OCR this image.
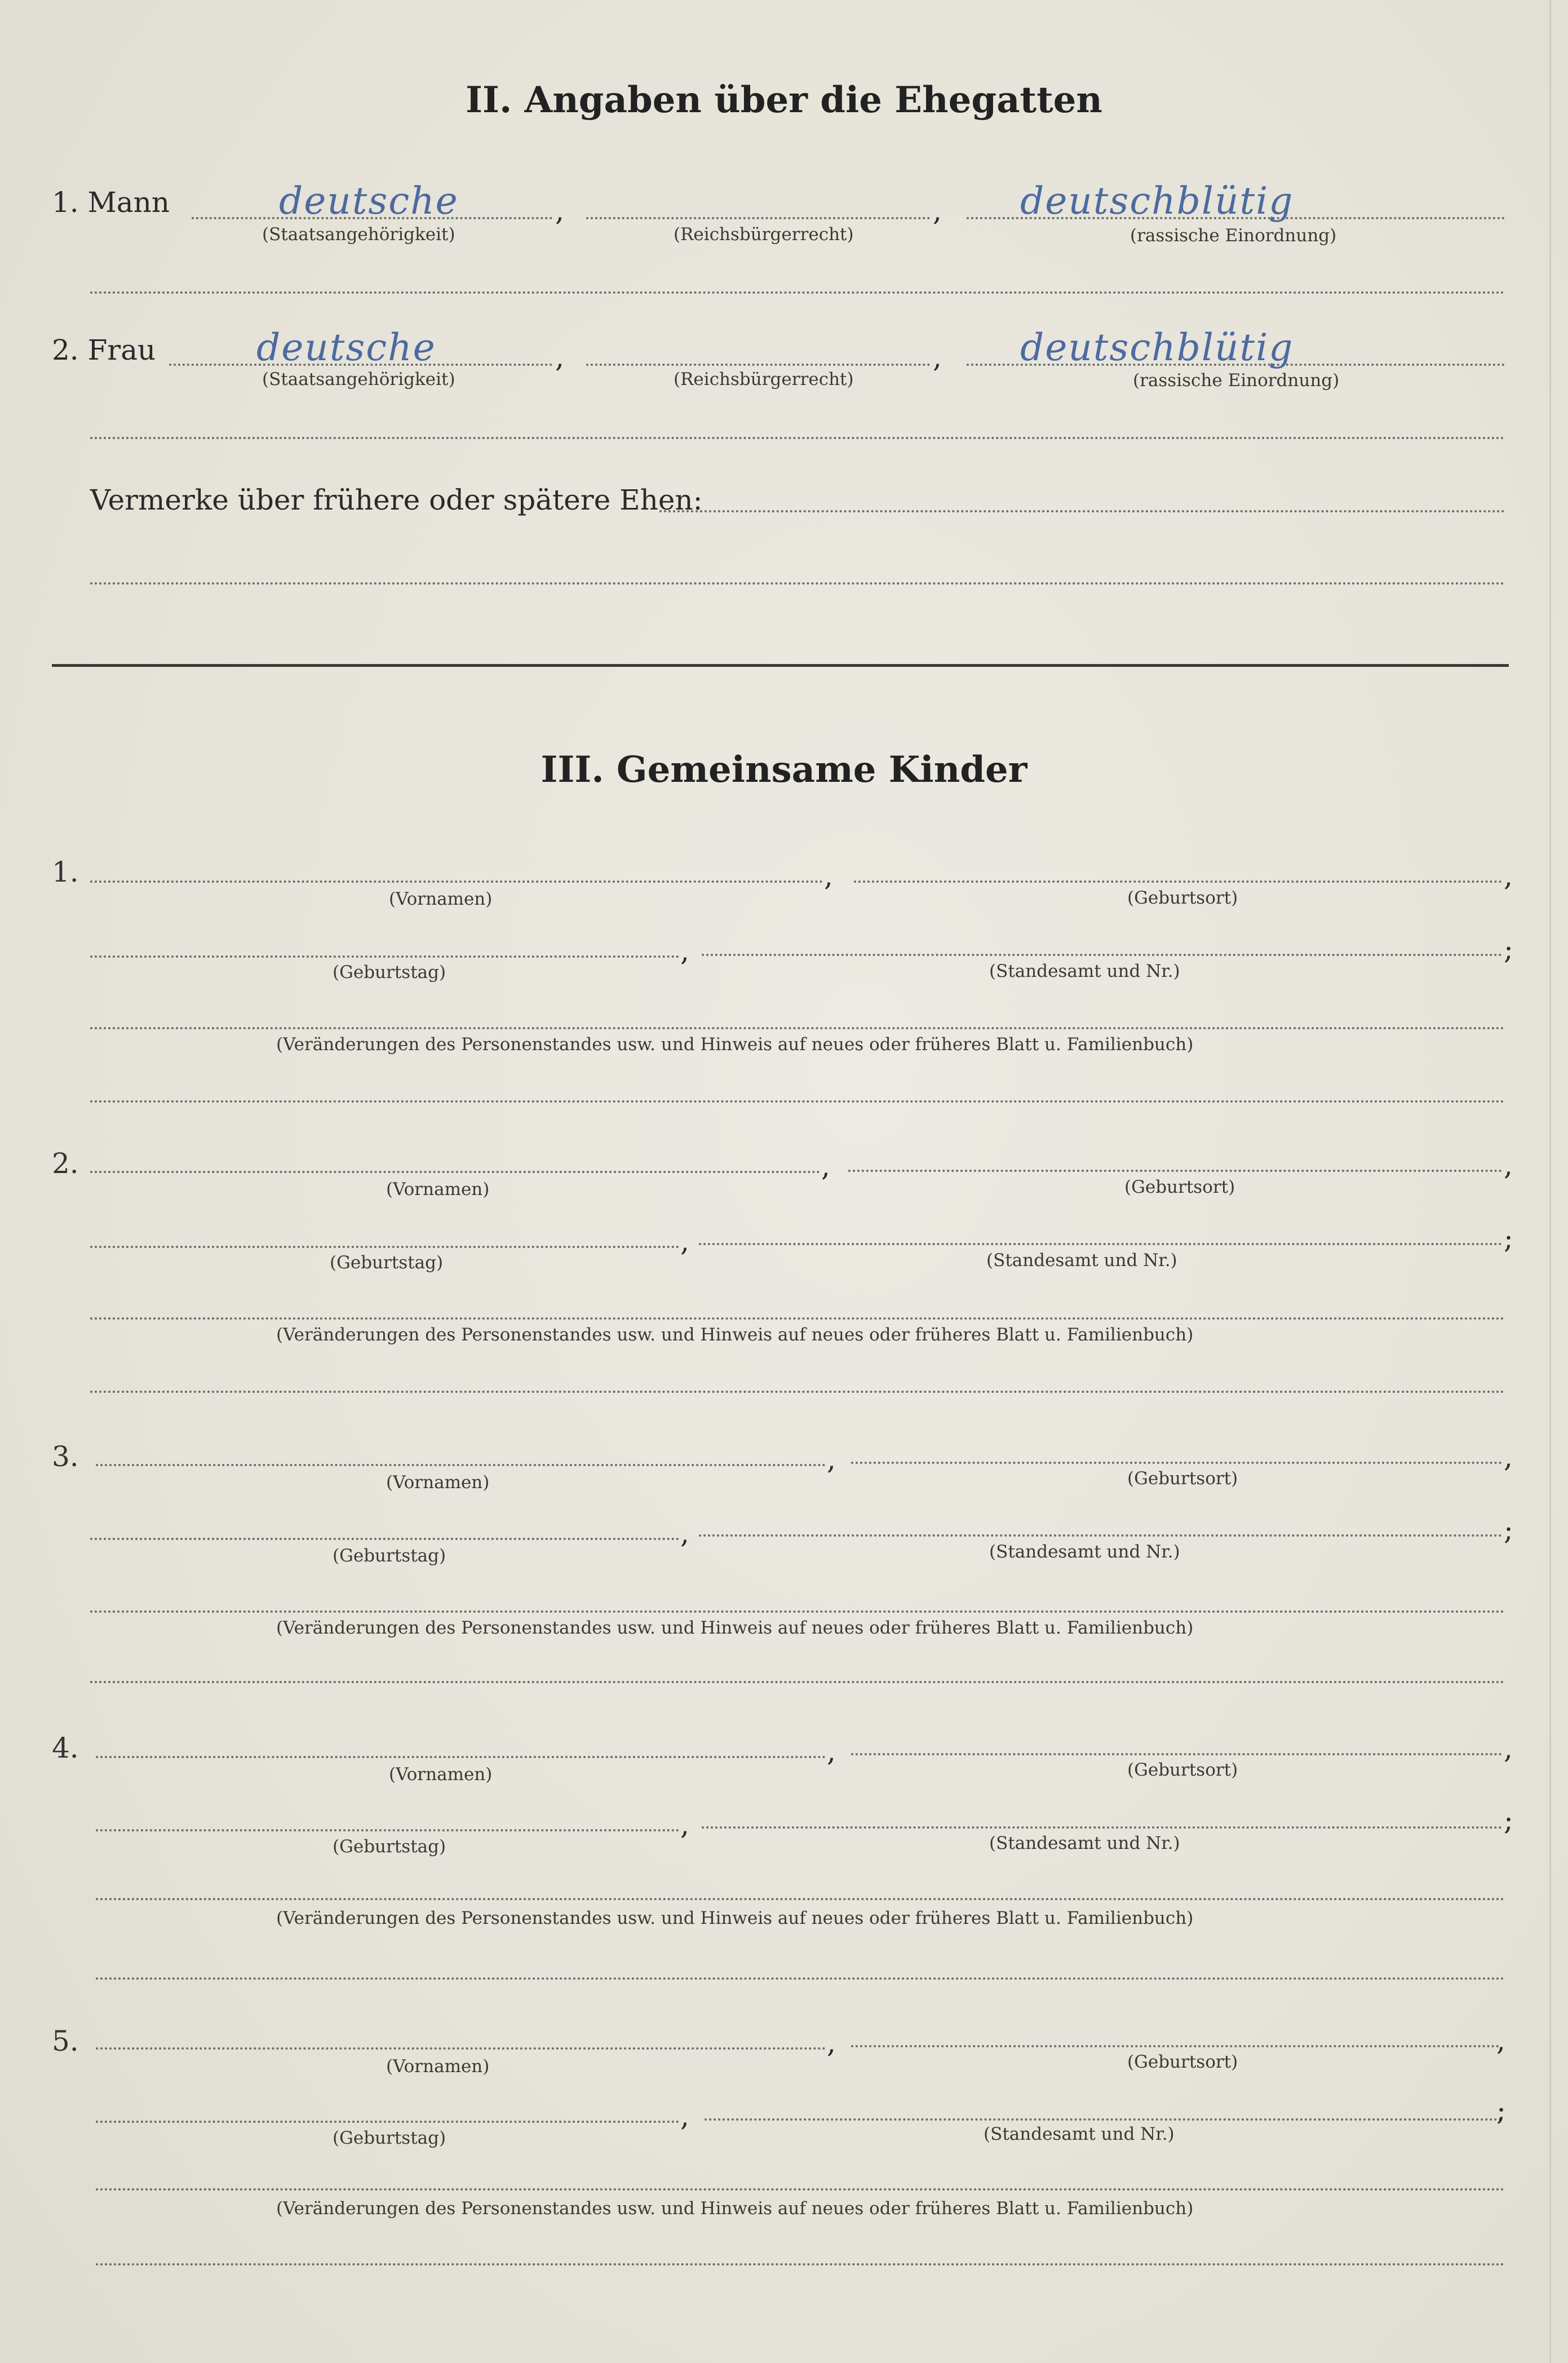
II. Angaben über die Ehegatten
1. Mann	deutsche	,	, deutschblütig
(Staatsangehörigkeit)	(Reichsbürgerrecht)	(rassische Einordnung)
2. Frau	deutsche	,	, deutschblütig
(Staatsangehörigkeit)	(Reichsbürgerrecht)	(rassische Einordnung)
Vermerke über frühere oder spätere Ehen:
III. Gemeinsame Kinder
1.	,	,
(Vornamen)	(Geburtsort)
,	;
(Geburtstag)	(Standesamt und Nr.)
(Veränderungen des Personenstandes usw. und Hinweis auf neues oder früheres Blatt u. Familienbuch)
2.	,	,
(Vornamen)	(Geburtsort)
,	;
(Geburtstag)	(Standesamt und Nr.)
(Veränderungen des Personenstandes usw. und Hinweis auf neues oder früheres Blatt u. Familienbuch)
3.	,	,
(Vornamen)	(Geburtsort)
,	;
(Geburtstag)	(Standesamt und Nr.)
(Veränderungen des Personenstandes usw. und Hinweis auf neues oder früheres Blatt u. Familienbuch)
4.	,	,
(Vornamen)	(Geburtsort)
,	;
(Geburtstag)	(Standesamt und Nr.)
(Veränderungen des Personenstandes usw. und Hinweis auf neues oder früheres Blatt u. Familienbuch)
5.	,	,
(Vornamen)	(Geburtsort)
,	;
(Geburtstag)	(Standesamt und Nr.)
(Veränderungen des Personenstandes usw. und Hinweis auf neues oder früheres Blatt u. Familienbuch)
